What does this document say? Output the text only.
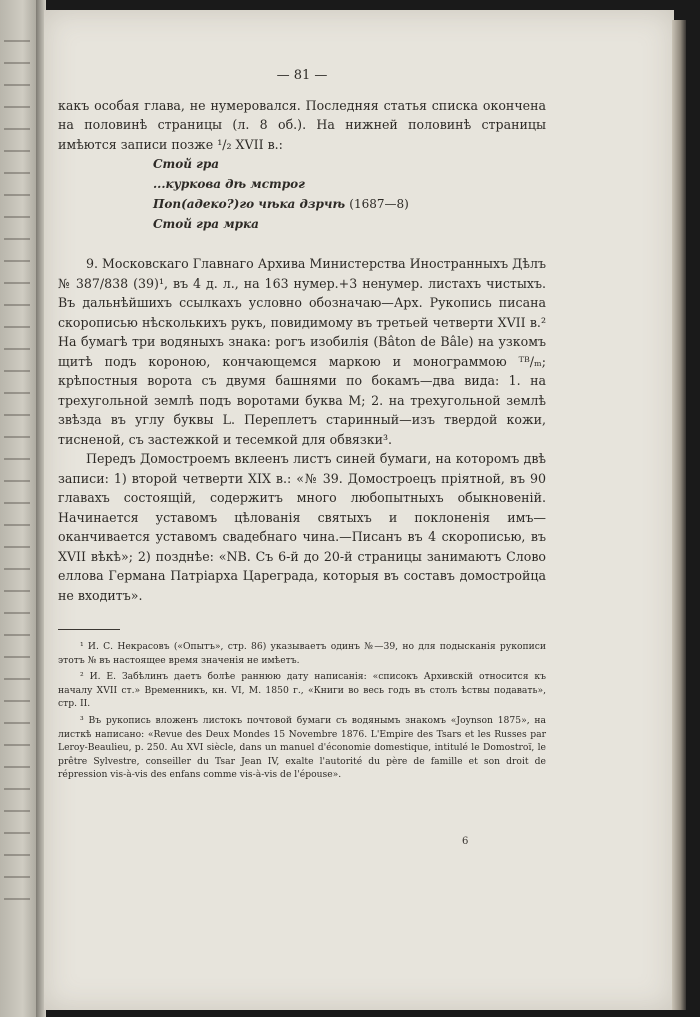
— 81 —

какъ особая глава, не нумеровался. Последняя статья списка окончена на половинѣ страницы (л. 8 об.). На нижней половинѣ страницы имѣются записи позже ¹/₂ XVII в.:

Стой гра
...куркова дѣ мстрог
Поп(адеко?)го чѣка дзрчѣ (1687—8)
Стой гра мрка

9. Московскаго Главнаго Архива Министерства Иностранныхъ Дѣлъ № 387/838 (39)¹, въ 4 д. л., на 163 нумер.+3 ненумер. листахъ чистыхъ. Въ дальнѣйшихъ ссылкахъ условно обозначаю—Арх. Рукопись писана скорописью нѣсколькихъ рукъ, повидимому въ третьей четверти XVII в.² На бумагѣ три водяныхъ знака: рогъ изобилія (Bâton de Bâle) на узкомъ щитѣ подъ короною, кончающемся маркою и монограммою ᵀᴮ/ₘ; крѣпостныя ворота съ двумя башнями по бокамъ—два вида: 1. на трехугольной землѣ подъ воротами буква M; 2. на трехугольной землѣ звѣзда въ углу буквы L. Переплетъ старинный—изъ твердой кожи, тисненой, съ застежкой и тесемкой для обвязки³.

Передъ Домостроемъ вклеенъ листъ синей бумаги, на которомъ двѣ записи: 1) второй четверти XIX в.: «№ 39. Домостроецъ пріятной, въ 90 главахъ состоящій, содержитъ много любопытныхъ обыкновеній. Начинается уставомъ цѣлованія святыхъ и поклоненія имъ—оканчивается уставомъ свадебнаго чина.—Писанъ въ 4 скорописью, въ XVII вѣкѣ»; 2) позднѣе: «NB. Съ 6-й до 20-й страницы занимаютъ Слово еллова Германа Патріарха Цареграда, которыя въ составъ домостройца не входитъ».

¹ И. С. Некрасовъ («Опытъ», стр. 86) указываетъ одинъ №—39, но для подысканія рукописи этотъ № въ настоящее время значенія не имѣетъ.

² И. Е. Забѣлинъ даетъ болѣе раннюю дату написанія: «списокъ Архивскій относится къ началу XVII ст.» Временникъ, кн. VI, М. 1850 г., «Книги во весь годъ въ столъ ѣствы подавать», стр. II.

³ Въ рукопись вложенъ листокъ почтовой бумаги съ водянымъ знакомъ «Joynson 1875», на листкѣ написано: «Revue des Deux Mondes 15 Novembre 1876. L'Empire des Tsars et les Russes par Leroy-Beaulieu, p. 250. Au XVI siècle, dans un manuel d'économie domestique, intitulé le Domostroï, le prêtre Sylvestre, conseiller du Tsar Jean IV, exalte l'autorité du père de famille et son droit de répression vis-à-vis des enfans comme vis-à-vis de l'épouse».

6
